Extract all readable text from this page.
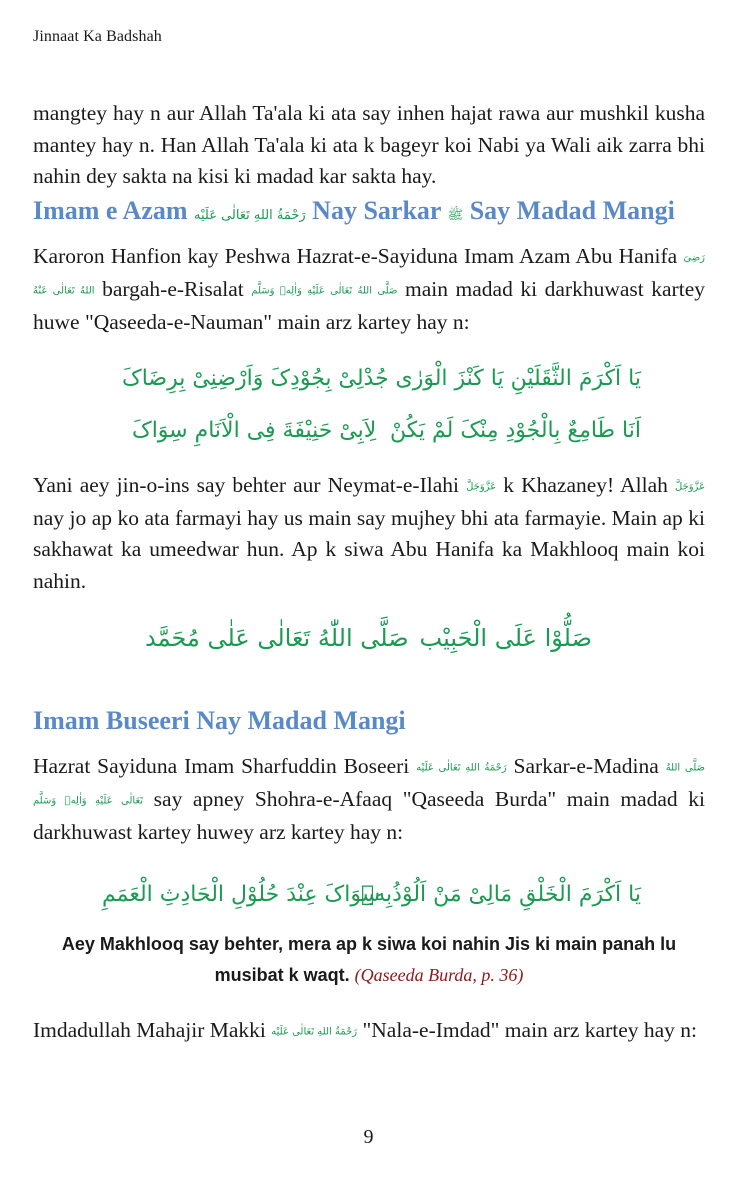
Jinnaat Ka Badshah
mangtey hay n aur Allah Ta'ala ki ata say inhen hajat rawa aur mushkil kusha mantey hay n. Han Allah Ta'ala ki ata k bageyr koi Nabi ya Wali aik zarra bhi nahin dey sakta na kisi ki madad kar sakta hay.
Imam e Azam رَحْمَةُ اللهِ تَعَالٰی عَلَیْه Nay Sarkar ﷺ Say Madad Mangi
Karoron Hanfion kay Peshwa Hazrat-e-Sayiduna Imam Azam Abu Hanifa رَضِیَ اللهُ تَعَالٰی عَنْهُ bargah-e-Risalat صَلَّی اللهُ تَعَالٰی عَلَیْهِ وَاٰلِهٖ وَسَلَّم main madad ki darkhuwast kartey huwe "Qaseeda-e-Nauman" main arz kartey hay n:
یَا اَکْرَمَ الثَّقَلَیْنِ یَا کَنْزَ الْوَرٰی
جُدْلِیْ بِجُوْدِکَ وَاَرْضِنِیْ بِرِضَاکَ
اَنَا طَامِعٌ بِالْجُوْدِ مِنْکَ لَمْ یَکُنْ
لِاَبِیْ حَنِیْفَةَ فِی الْاَنَامِ سِوَاکَ
Yani aey jin-o-ins say behter aur Neymat-e-Ilahi عَزَّوَجَلَّ k Khazaney! Allah عَزَّوَجَلَّ nay jo ap ko ata farmayi hay us main say mujhey bhi ata farmayie. Main ap ki sakhawat ka umeedwar hun. Ap k siwa Abu Hanifa ka Makhlooq main koi nahin.
صَلُّوْا عَلَی الْحَبِیْب
صَلَّی اللّٰهُ تَعَالٰی عَلٰی مُحَمَّد
Imam Buseeri Nay Madad Mangi
Hazrat Sayiduna Imam Sharfuddin Boseeri رَحْمَةُ اللهِ تَعَالٰی عَلَیْه Sarkar-e-Madina صَلَّی اللهُ تَعَالٰی عَلَیْهِ وَاٰلِهٖ وَسَلَّم say apney Shohra-e-Afaaq "Qaseeda Burda" main madad ki darkhuwast kartey huwey arz kartey hay n:
یَا اَکْرَمَ الْخَلْقِ مَالِیْ مَنْ اَلُوْذُبِهٖ
سِوَاکَ عِنْدَ حُلُوْلِ الْحَادِثِ الْعَمَمِ
Aey Makhlooq say behter, mera ap k siwa koi nahin Jis ki main panah lu musibat k waqt. (Qaseeda Burda, p. 36)
Imdadullah Mahajir Makki رَحْمَةُ اللهِ تَعَالٰی عَلَیْه "Nala-e-Imdad" main arz kartey hay n:
9
